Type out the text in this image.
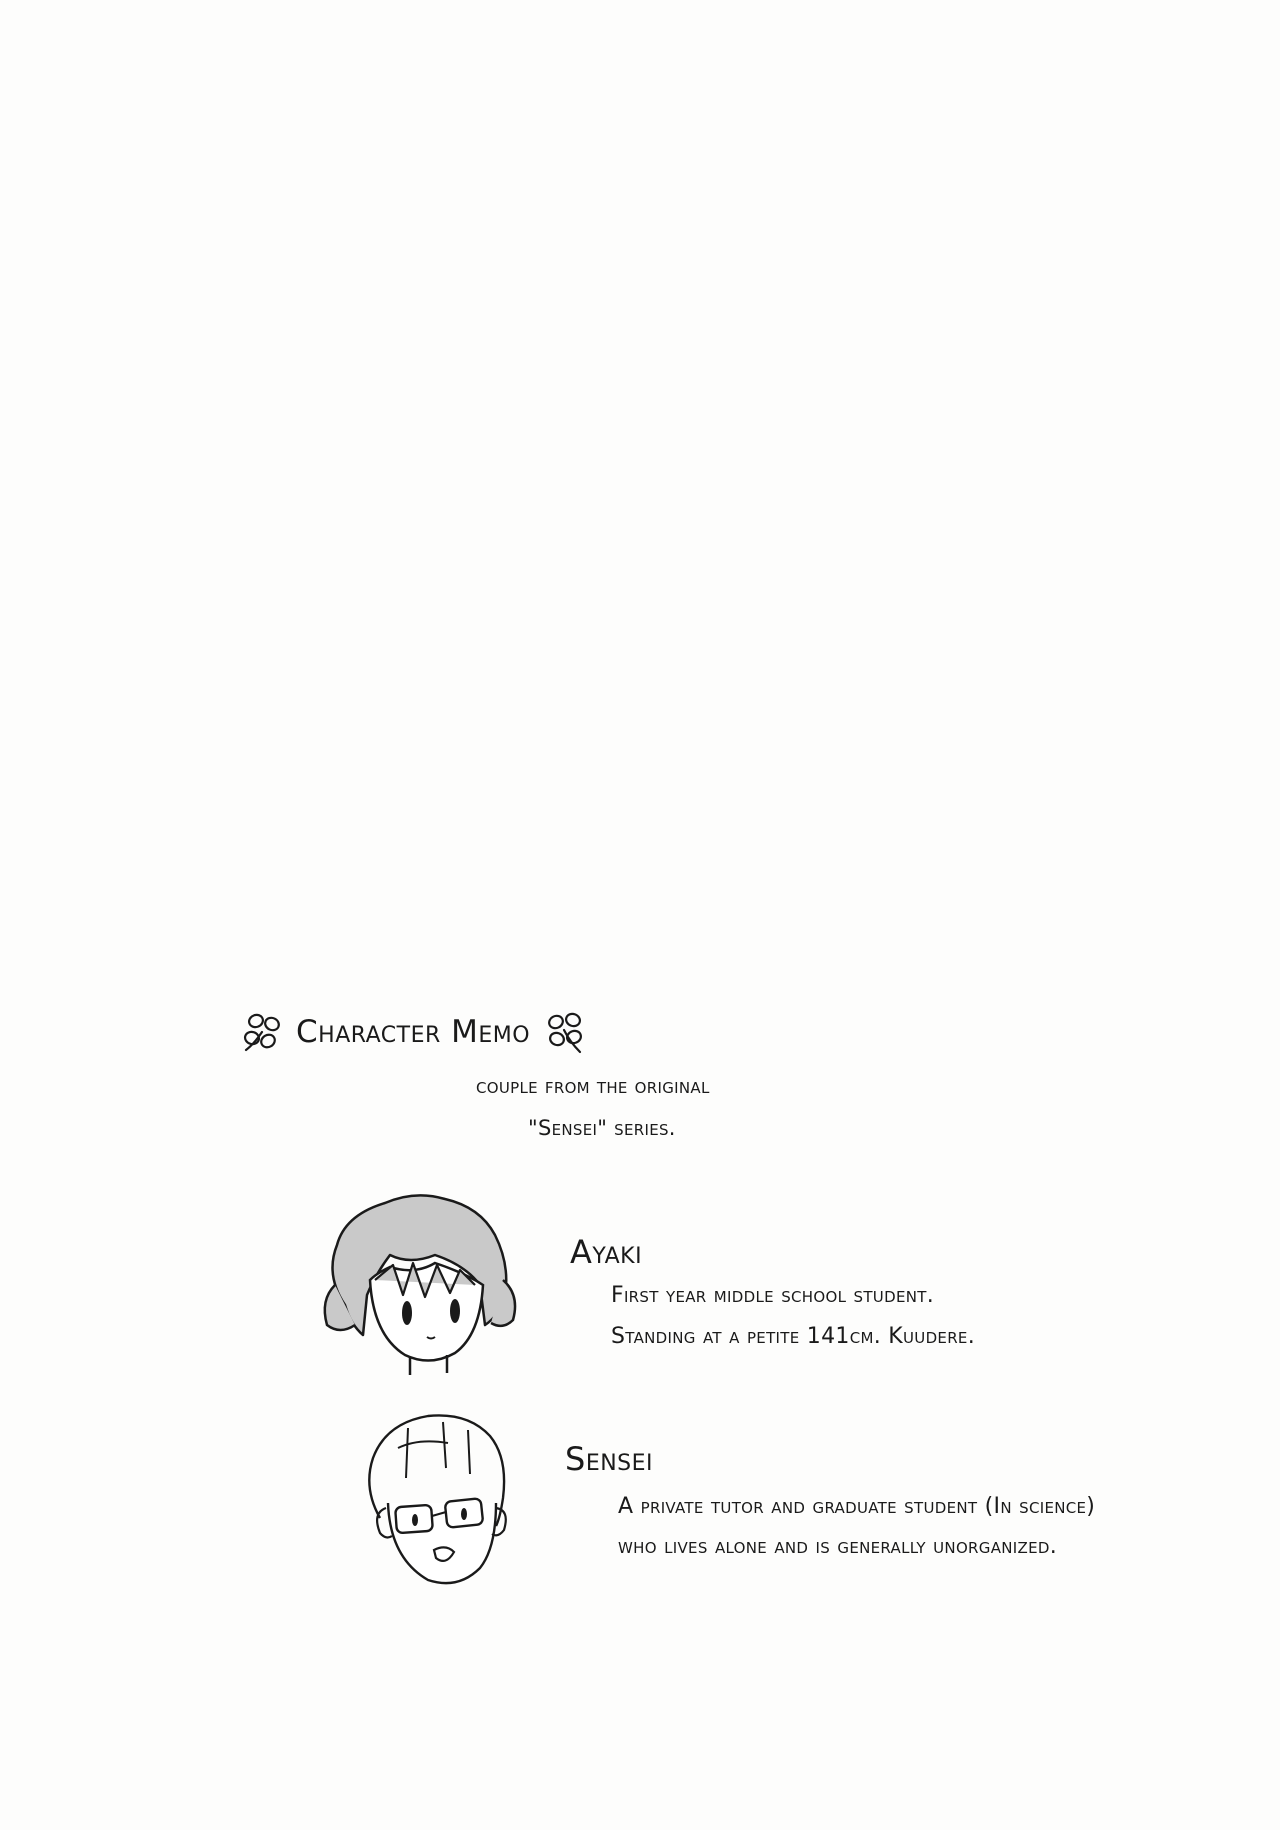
Character Memo
couple from the original
"Sensei" series.
Ayaki
First year middle school student.
Standing at a petite 141cm. Kuudere.
Sensei
A private tutor and graduate student (In science)
who lives alone and is generally unorganized.
